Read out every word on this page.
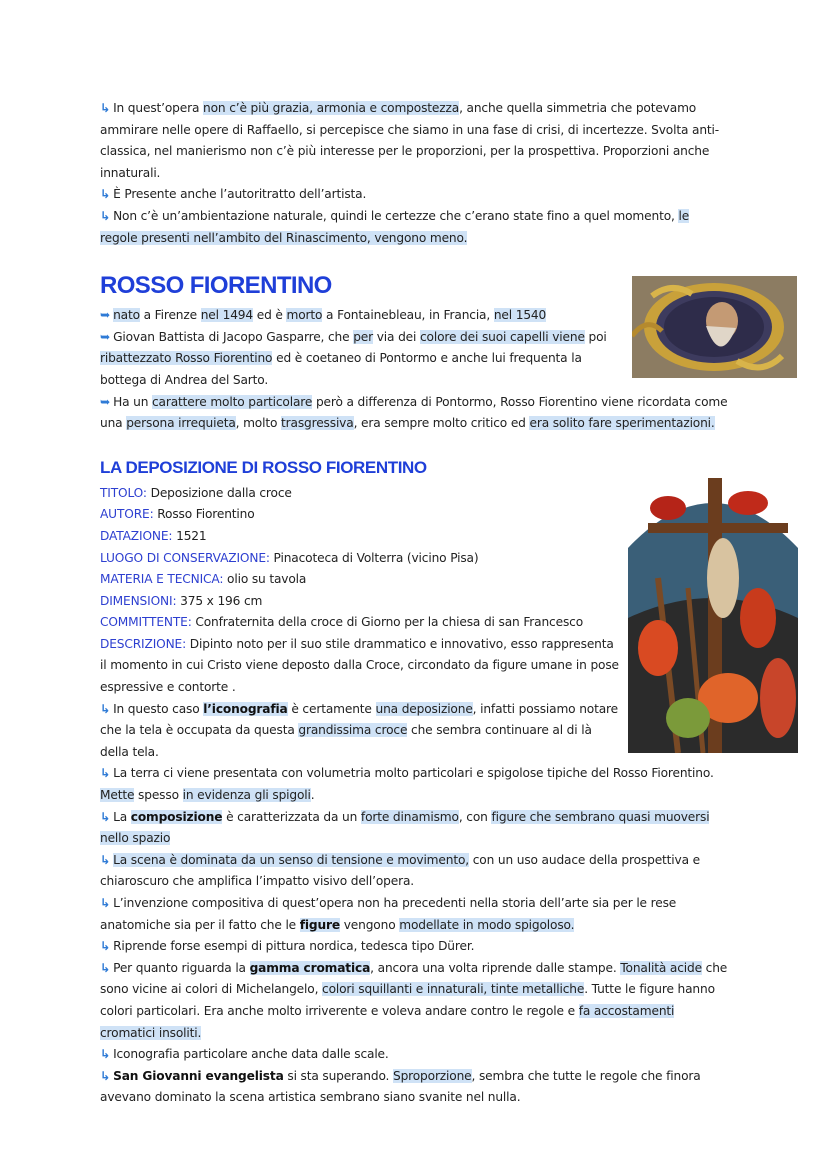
↳ In quest’opera non c’è più grazia, armonia e compostezza, anche quella simmetria che potevamo ammirare nelle opere di Raffaello, si percepisce che siamo in una fase di crisi, di incertezze. Svolta anti-classica, nel manierismo non c’è più interesse per le proporzioni, per la prospettiva. Proporzioni anche innaturali.

↳ È Presente anche l’autoritratto dell’artista.

↳ Non c’è un’ambientazione naturale, quindi le certezze che c’erano state fino a quel momento, le regole presenti nell’ambito del Rinascimento, vengono meno.

ROSSO FIORENTINO

➥ nato a Firenze nel 1494 ed è morto a Fontainebleau, in Francia, nel 1540

➥ Giovan Battista di Jacopo Gasparre, che per via dei colore dei suoi capelli viene poi ribattezzato Rosso Fiorentino ed è coetaneo di Pontormo e anche lui frequenta la bottega di Andrea del Sarto.

➥ Ha un carattere molto particolare però a differenza di Pontormo, Rosso Fiorentino viene ricordata come una persona irrequieta, molto trasgressiva, era sempre molto critico ed era solito fare sperimentazioni.

LA DEPOSIZIONE DI ROSSO FIORENTINO

TITOLO: Deposizione dalla croce

AUTORE: Rosso Fiorentino

DATAZIONE: 1521

LUOGO DI CONSERVAZIONE: Pinacoteca di Volterra (vicino Pisa)

MATERIA E TECNICA: olio su tavola

DIMENSIONI: 375 x 196 cm

COMMITTENTE: Confraternita della croce di Giorno per la chiesa di san Francesco

DESCRIZIONE: Dipinto noto per il suo stile drammatico e innovativo, esso rappresenta il momento in cui Cristo viene deposto dalla Croce, circondato da figure umane in pose espressive e contorte .

↳ In questo caso l’iconografia è certamente una deposizione, infatti possiamo notare che la tela è occupata da questa grandissima croce che sembra continuare al di là della tela.

↳ La terra ci viene presentata con volumetria molto particolari e spigolose tipiche del Rosso Fiorentino. Mette spesso in evidenza gli spigoli.

↳ La composizione è caratterizzata da un forte dinamismo, con figure che sembrano quasi muoversi nello spazio

↳ La scena è dominata da un senso di tensione e movimento, con un uso audace della prospettiva e chiaroscuro che amplifica l’impatto visivo dell’opera.

↳ L’invenzione compositiva di quest’opera non ha precedenti nella storia dell’arte sia per le rese anatomiche sia per il fatto che le figure vengono modellate in modo spigoloso.

↳ Riprende forse esempi di pittura nordica, tedesca tipo Dürer.

↳ Per quanto riguarda la gamma cromatica, ancora una volta riprende dalle stampe. Tonalità acide che sono vicine ai colori di Michelangelo, colori squillanti e innaturali, tinte metalliche. Tutte le figure hanno colori particolari. Era anche molto irriverente e voleva andare contro le regole e fa accostamenti cromatici insoliti.

↳ Iconografia particolare anche data dalle scale.

↳ San Giovanni evangelista si sta superando. Sproporzione, sembra che tutte le regole che finora avevano dominato la scena artistica sembrano siano svanite nel nulla.
